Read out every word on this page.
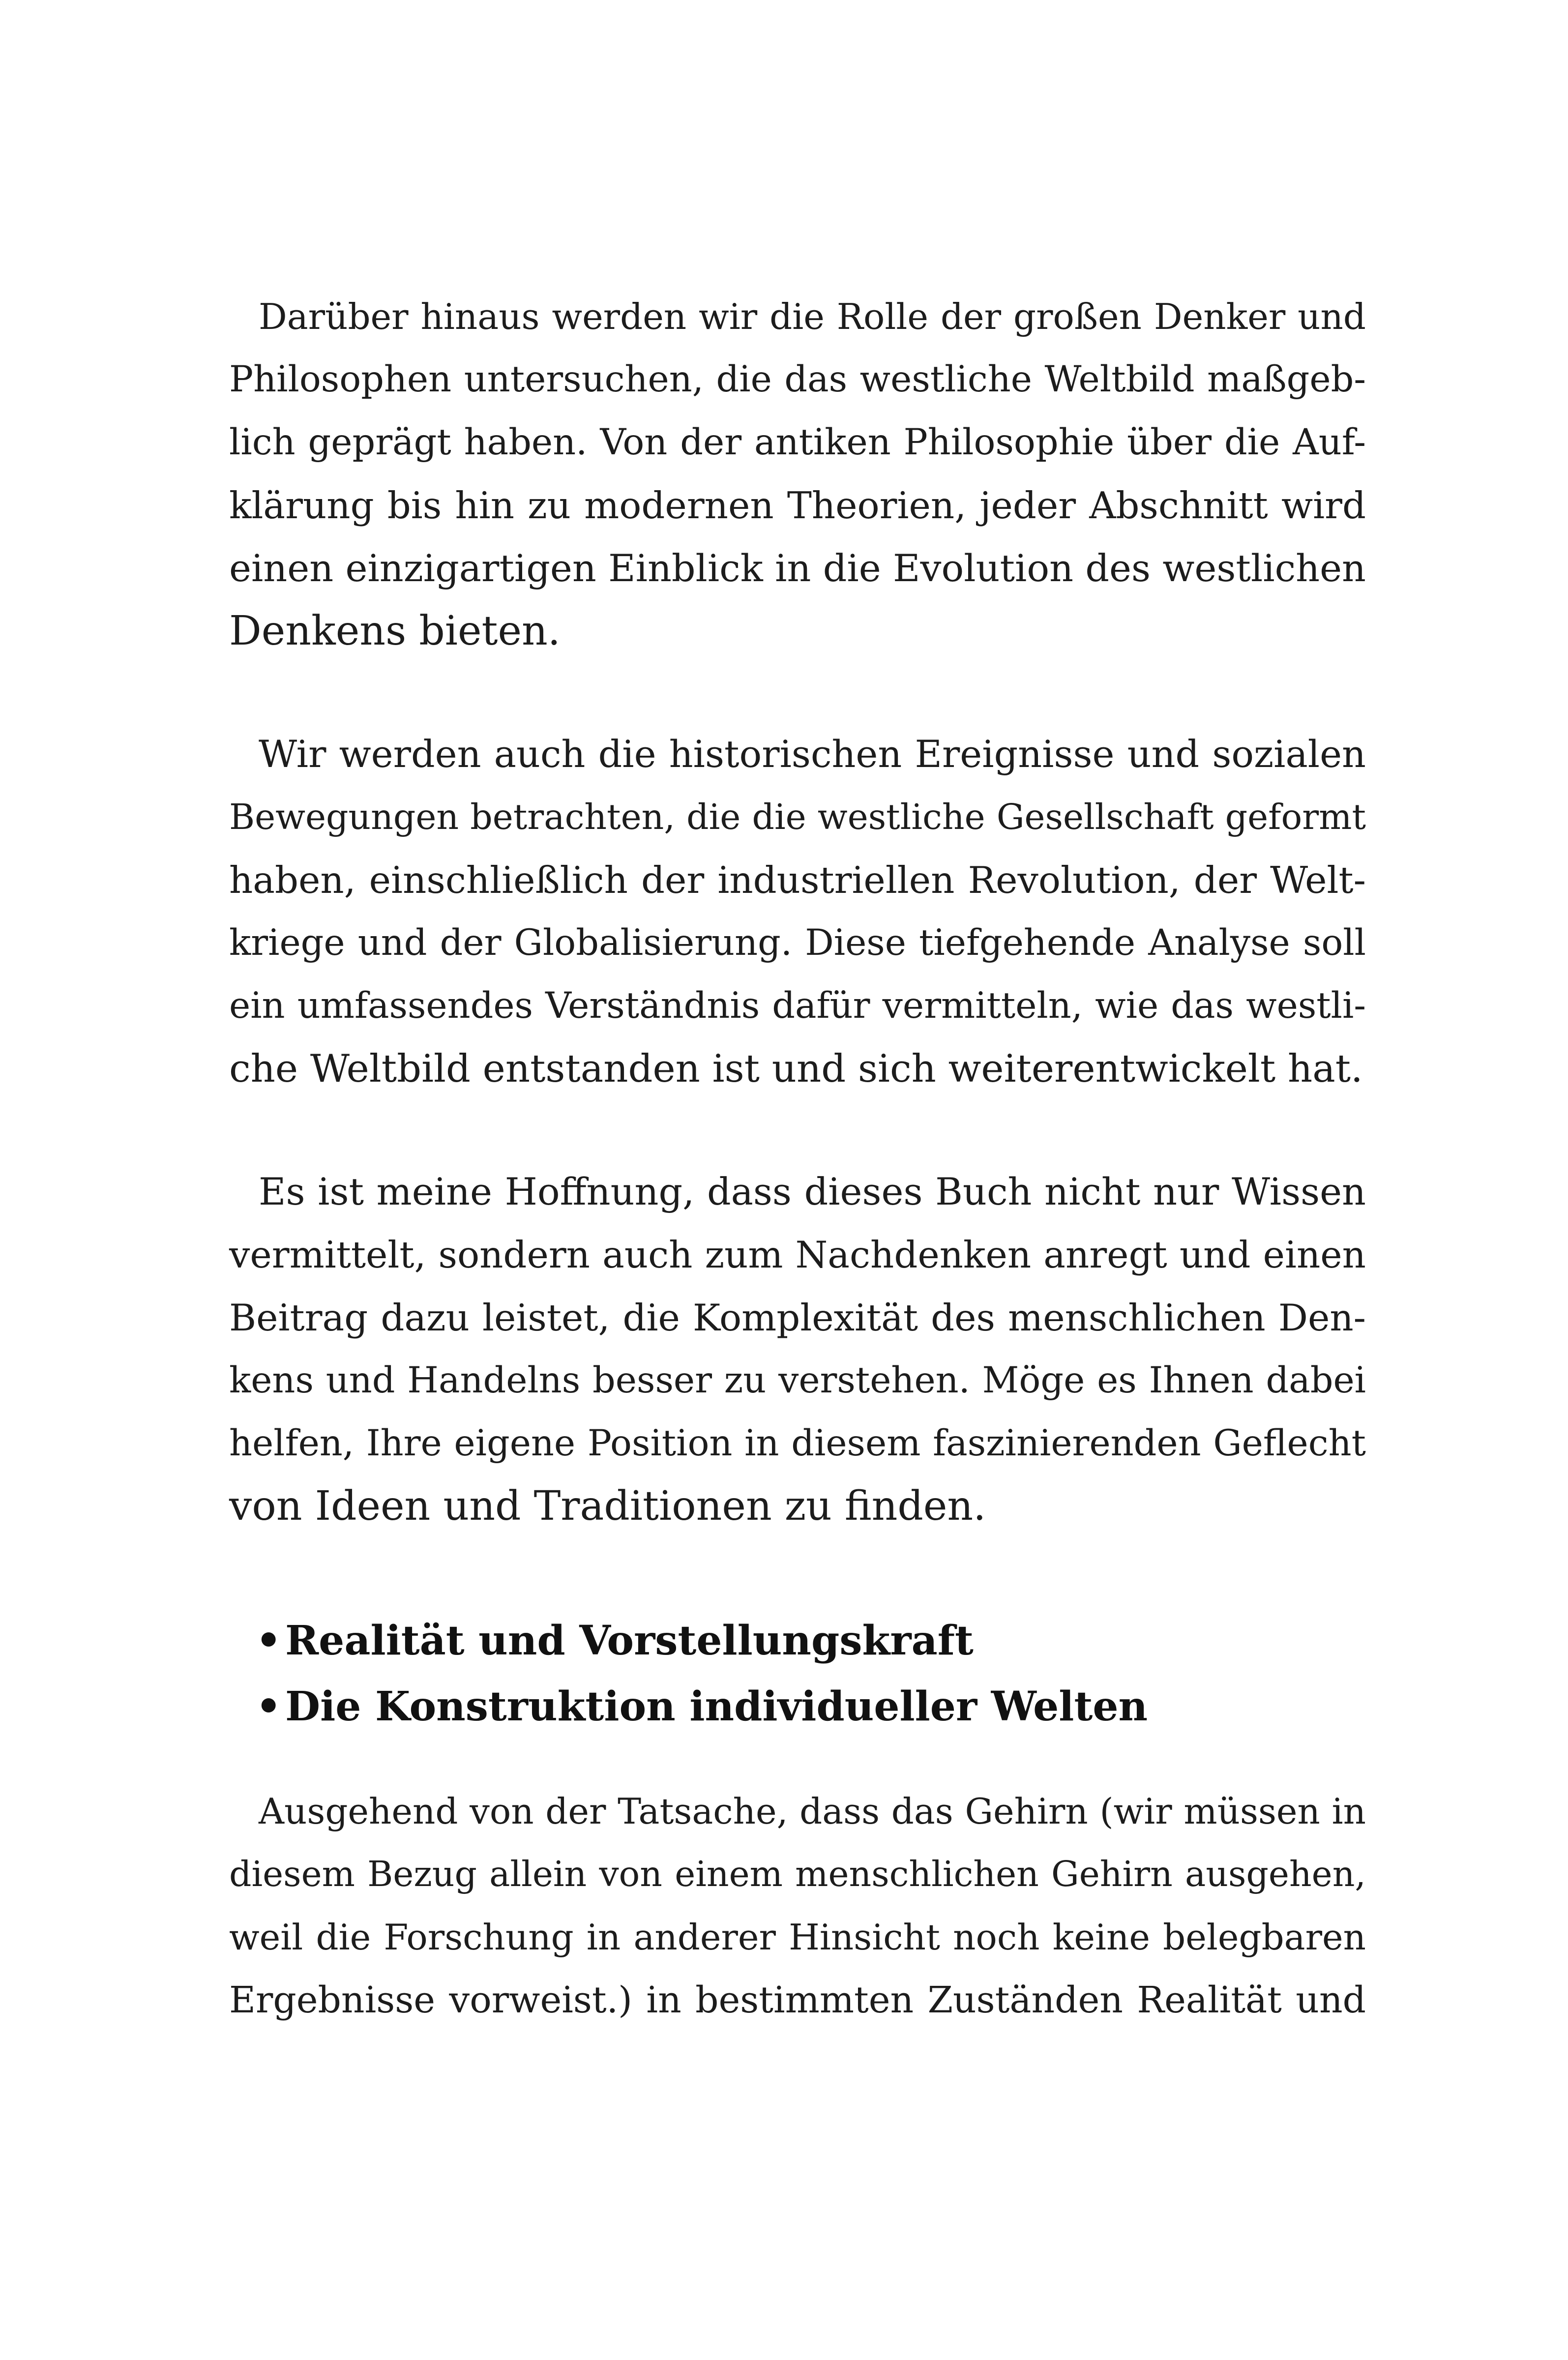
Darüber hinaus werden wir die Rolle der großen Denker und
Philosophen untersuchen, die das westliche Weltbild maßgeb-
lich geprägt haben. Von der antiken Philosophie über die Auf-
klärung bis hin zu modernen Theorien, jeder Abschnitt wird
einen einzigartigen Einblick in die Evolution des westlichen
Denkens bieten.
Wir werden auch die historischen Ereignisse und sozialen
Bewegungen betrachten, die die westliche Gesellschaft geformt
haben, einschließlich der industriellen Revolution, der Welt-
kriege und der Globalisierung. Diese tiefgehende Analyse soll
ein umfassendes Verständnis dafür vermitteln, wie das westli-
che Weltbild entstanden ist und sich weiterentwickelt hat.
Es ist meine Hoffnung, dass dieses Buch nicht nur Wissen
vermittelt, sondern auch zum Nachdenken anregt und einen
Beitrag dazu leistet, die Komplexität des menschlichen Den-
kens und Handelns besser zu verstehen. Möge es Ihnen dabei
helfen, Ihre eigene Position in diesem faszinierenden Geflecht
von Ideen und Traditionen zu finden.
•Realität und Vorstellungskraft
•Die Konstruktion individueller Welten
Ausgehend von der Tatsache, dass das Gehirn (wir müssen in
diesem Bezug allein von einem menschlichen Gehirn ausgehen,
weil die Forschung in anderer Hinsicht noch keine belegbaren
Ergebnisse vorweist.) in bestimmten Zuständen Realität und
